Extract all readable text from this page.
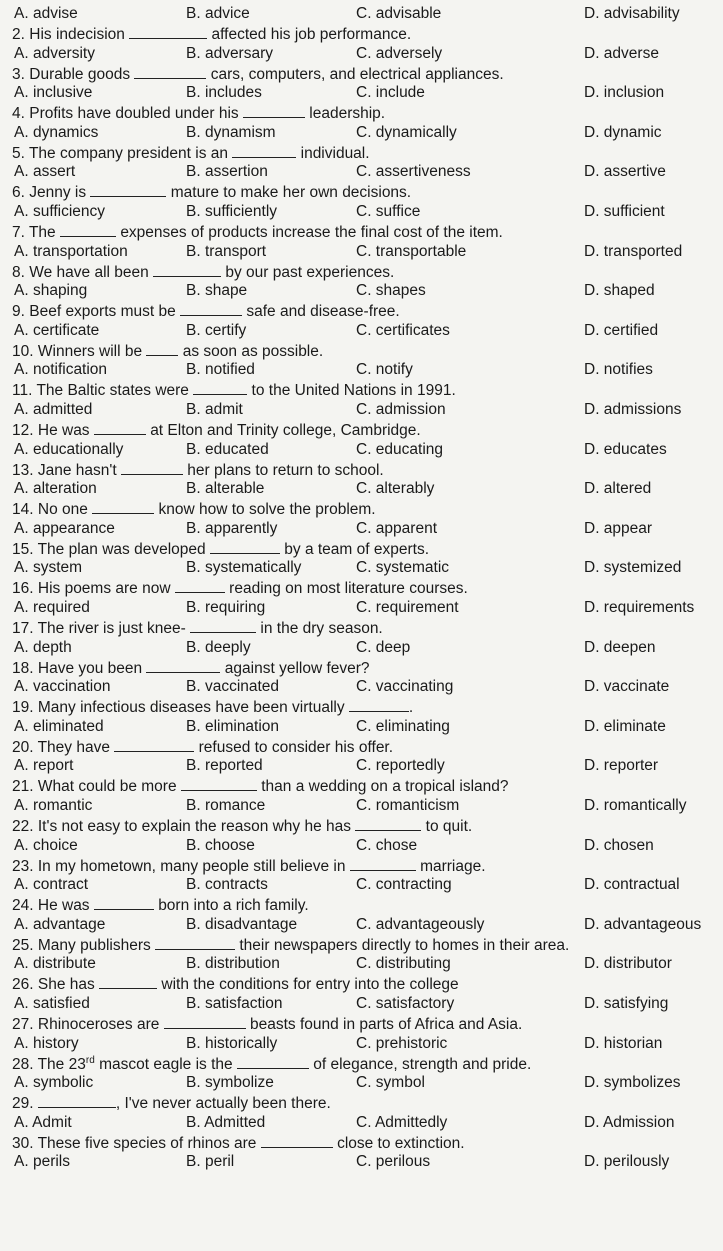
A. advise	B. advice	C. advisable	D. advisability
2. His indecision	affected his job performance.
A. adversity	B. adversary	C. adversely	D. adverse
3. Durable goods	cars, computers, and electrical appliances.
A. inclusive	B. includes	C. include	D. inclusion
4. Profits have doubled under his	leadership.
A. dynamics	B. dynamism	C. dynamically	D. dynamic
5. The company president is an	individual.
A. assert	B. assertion	C. assertiveness	D. assertive
6. Jenny is	mature to make her own decisions.
A. sufficiency	B. sufficiently	C. suffice	D. sufficient
7. The	expenses of products increase the final cost of the item.
A. transportation	B. transport	C. transportable	D. transported
8. We have all been	by our past experiences.
A. shaping	B. shape	C. shapes	D. shaped
9. Beef exports must be	safe and disease-free.
A. certificate	B. certify	C. certificates	D. certified
10. Winners will be	as soon as possible.
A. notification	B. notified	C. notify	D. notifies
11. The Baltic states were	to the United Nations in 1991.
A. admitted	B. admit	C. admission	D. admissions
12. He was	at Elton and Trinity college, Cambridge.
A. educationally	B. educated	C. educating	D. educates
13. Jane hasn't	her plans to return to school.
A. alteration	B. alterable	C. alterably	D. altered
14. No one	know how to solve the problem.
A. appearance	B. apparently	C. apparent	D. appear
15. The plan was developed	by a team of experts.
A. system	B. systematically	C. systematic	D. systemized
16. His poems are now	reading on most literature courses.
A. required	B. requiring	C. requirement	D. requirements
17. The river is just knee-	in the dry season.
A. depth	B. deeply	C. deep	D. deepen
18. Have you been	against yellow fever?
A. vaccination	B. vaccinated	C. vaccinating	D. vaccinate
19. Many infectious diseases have been virtually	.
A. eliminated	B. elimination	C. eliminating	D. eliminate
20. They have	refused to consider his offer.
A. report	B. reported	C. reportedly	D. reporter
21. What could be more	than a wedding on a tropical island?
A. romantic	B. romance	C. romanticism	D. romantically
22. It's not easy to explain the reason why he has	to quit.
A. choice	B. choose	C. chose	D. chosen
23. In my hometown, many people still believe in	marriage.
A. contract	B. contracts	C. contracting	D. contractual
24. He was	born into a rich family.
A. advantage	B. disadvantage	C. advantageously	D. advantageous
25. Many publishers	their newspapers directly to homes in their area.
A. distribute	B. distribution	C. distributing	D. distributor
26. She has	with the conditions for entry into the college
A. satisfied	B. satisfaction	C. satisfactory	D. satisfying
27. Rhinoceroses are	beasts found in parts of Africa and Asia.
A. history	B. historically	C. prehistoric	D. historian
28. The 23rd mascot eagle is the	of elegance, strength and pride.
A. symbolic	B. symbolize	C. symbol	D. symbolizes
29.	, I've never actually been there.
A. Admit	B. Admitted	C. Admittedly	D. Admission
30. These five species of rhinos are	close to extinction.
A. perils	B. peril	C. perilous	D. perilously
